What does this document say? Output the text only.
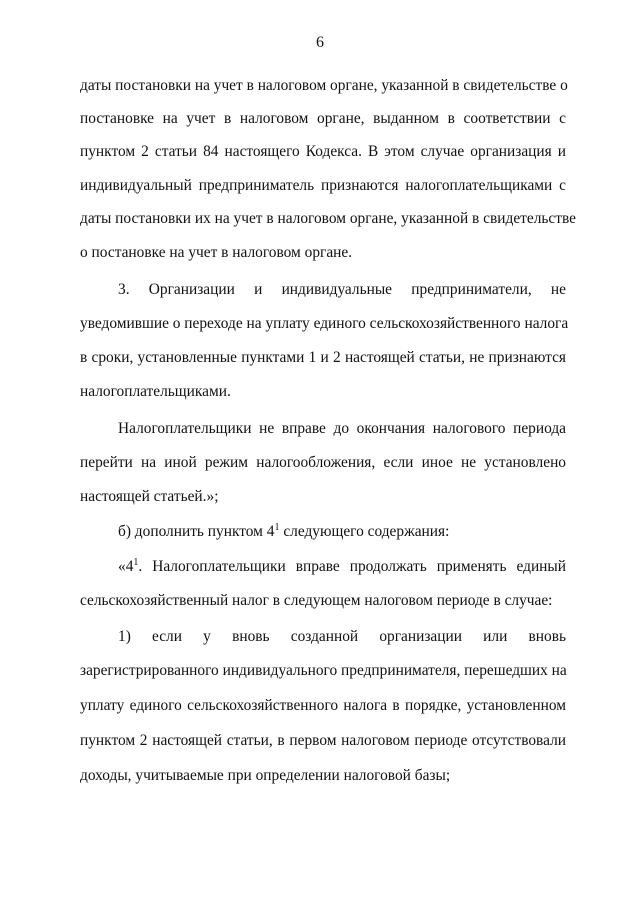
6
даты постановки на учет в налоговом органе, указанной в свидетельстве о
постановке на учет в налоговом органе, выданном в соответствии с
пунктом 2 статьи 84 настоящего Кодекса. В этом случае организация и
индивидуальный предприниматель признаются налогоплательщиками с
даты постановки их на учет в налоговом органе, указанной в свидетельстве
о постановке на учет в налоговом органе.
3. Организации и индивидуальные предприниматели, не
уведомившие о переходе на уплату единого сельскохозяйственного налога
в сроки, установленные пунктами 1 и 2 настоящей статьи, не признаются
налогоплательщиками.
Налогоплательщики не вправе до окончания налогового периода
перейти на иной режим налогообложения, если иное не установлено
настоящей статьей.»;
б) дополнить пунктом $4^1$ следующего содержания:
«$4^1$. Налогоплательщики вправе продолжать применять единый
сельскохозяйственный налог в следующем налоговом периоде в случае:
1) если у вновь созданной организации или вновь
зарегистрированного индивидуального предпринимателя, перешедших на
уплату единого сельскохозяйственного налога в порядке, установленном
пунктом 2 настоящей статьи, в первом налоговом периоде отсутствовали
доходы, учитываемые при определении налоговой базы;
